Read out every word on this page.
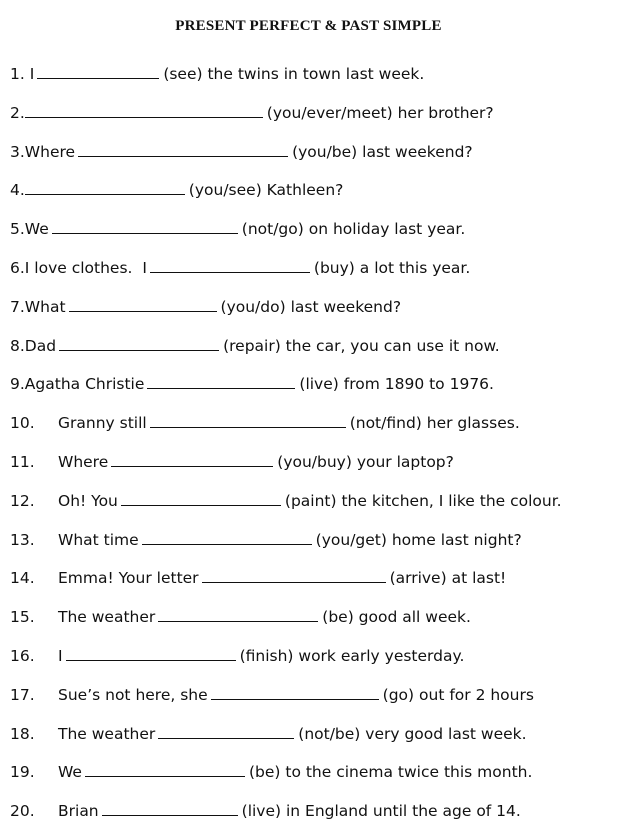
PRESENT PERFECT & PAST SIMPLE
1. I	(see) the twins in town last week.
2.	(you/ever/meet) her brother?
3.Where	(you/be) last weekend?
4.	(you/see) Kathleen?
5.We	(not/go) on holiday last year.
6.I love clothes.  I	(buy) a lot this year.
7.What	(you/do) last weekend?
8.Dad	(repair) the car, you can use it now.
9.Agatha Christie	(live) from 1890 to 1976.
10. Granny still	(not/find) her glasses.
11. Where	(you/buy) your laptop?
12. Oh! You	(paint) the kitchen, I like the colour.
13. What time	(you/get) home last night?
14. Emma! Your letter	(arrive) at last!
15. The weather	(be) good all week.
16. I	(finish) work early yesterday.
17. Sue’s not here, she	(go) out for 2 hours
18. The weather	(not/be) very good last week.
19. We	(be) to the cinema twice this month.
20. Brian	(live) in England until the age of 14.
